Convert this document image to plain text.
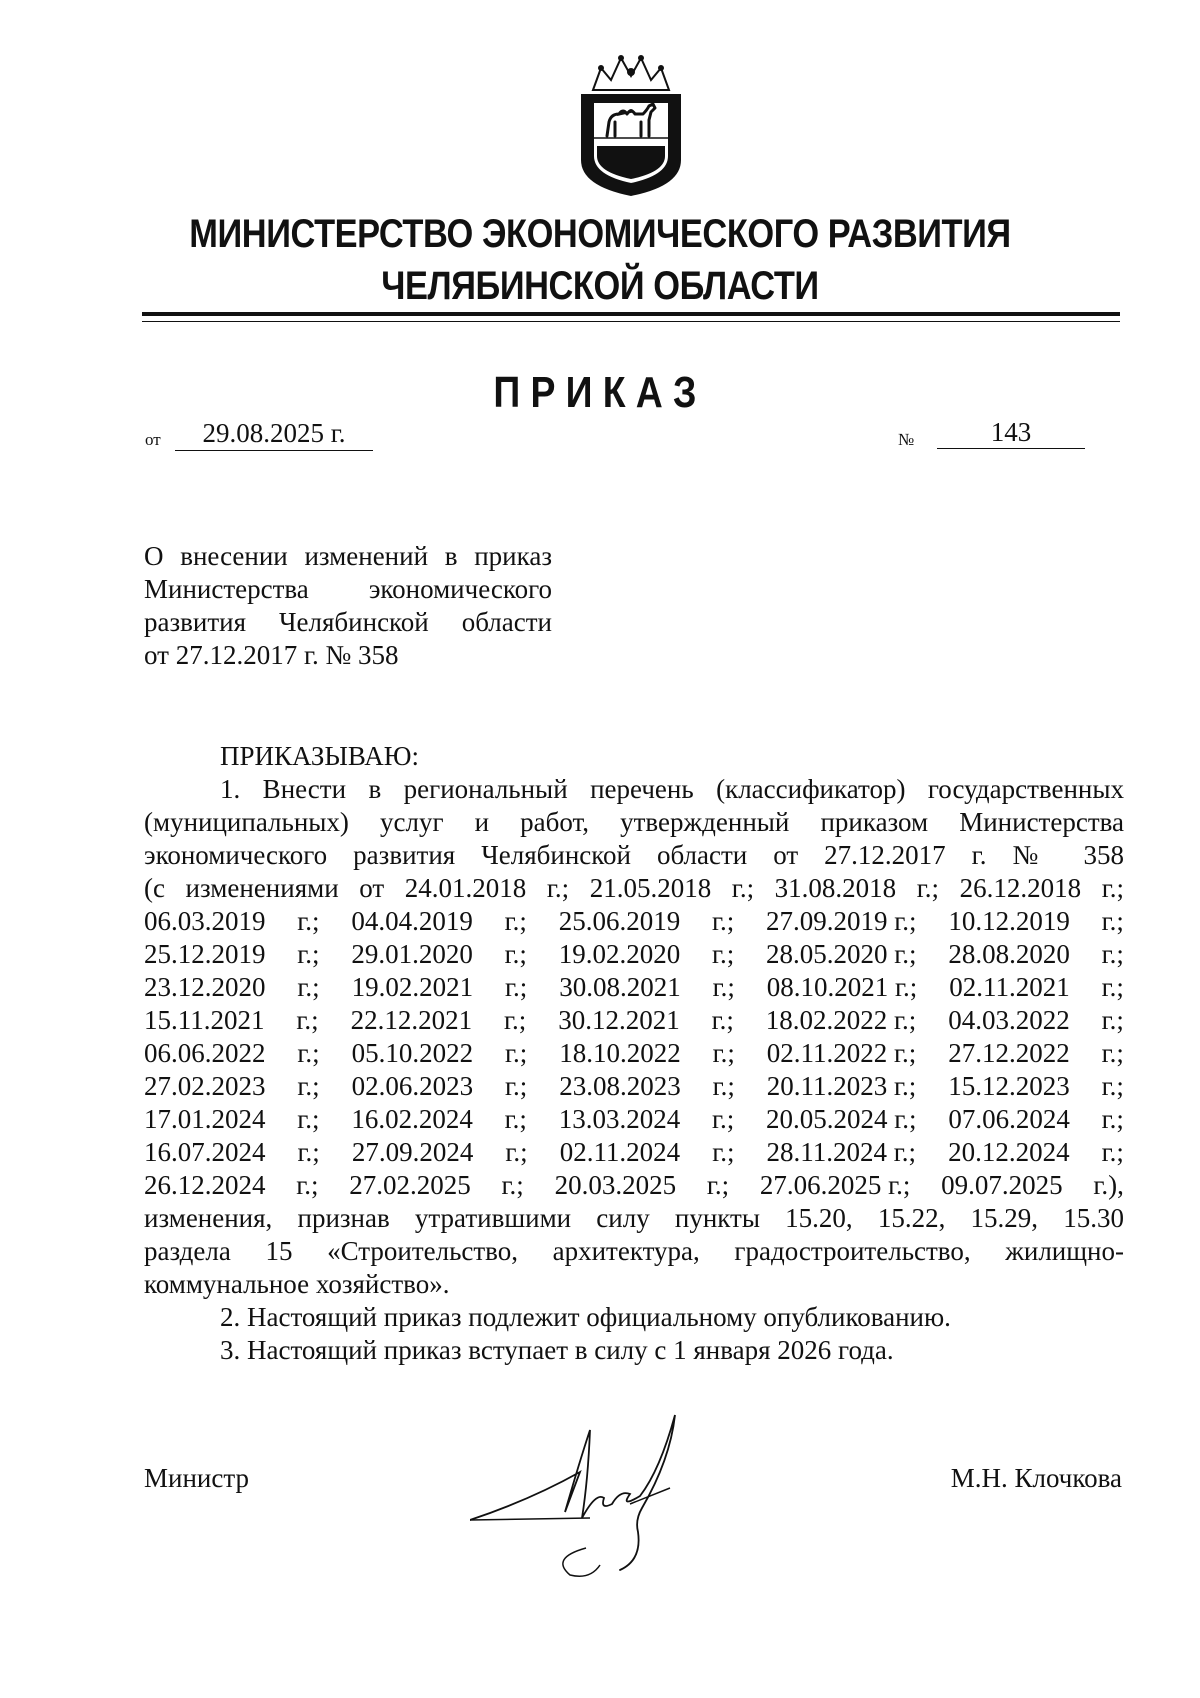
МИНИСТЕРСТВО ЭКОНОМИЧЕСКОГО РАЗВИТИЯ
ЧЕЛЯБИНСКОЙ ОБЛАСТИ
ПРИКАЗ
от	29.08.2025 г.	№	143
О внесении изменений в приказ
Министерства экономического
развития Челябинской области
от 27.12.2017 г. № 358

ПРИКАЗЫВАЮ:

1. Внести в региональный перечень (классификатор) государственных
(муниципальных) услуг и работ, утвержденный приказом Министерства
экономического развития Челябинской области от 27.12.2017 г. № 358
(с изменениями от 24.01.2018 г.; 21.05.2018 г.; 31.08.2018 г.; 26.12.2018 г.;
06.03.2019 г.; 04.04.2019 г.; 25.06.2019 г.; 27.09.2019 г.; 10.12.2019 г.;
25.12.2019 г.; 29.01.2020 г.; 19.02.2020 г.; 28.05.2020 г.; 28.08.2020 г.;
23.12.2020 г.; 19.02.2021 г.; 30.08.2021 г.; 08.10.2021 г.; 02.11.2021 г.;
15.11.2021 г.; 22.12.2021 г.; 30.12.2021 г.; 18.02.2022 г.; 04.03.2022 г.;
06.06.2022 г.; 05.10.2022 г.; 18.10.2022 г.; 02.11.2022 г.; 27.12.2022 г.;
27.02.2023 г.; 02.06.2023 г.; 23.08.2023 г.; 20.11.2023 г.; 15.12.2023 г.;
17.01.2024 г.; 16.02.2024 г.; 13.03.2024 г.; 20.05.2024 г.; 07.06.2024 г.;
16.07.2024 г.; 27.09.2024 г.; 02.11.2024 г.; 28.11.2024 г.; 20.12.2024 г.;
26.12.2024 г.; 27.02.2025 г.; 20.03.2025 г.; 27.06.2025 г.; 09.07.2025 г.),
изменения, признав утратившими силу пункты 15.20, 15.22, 15.29, 15.30
раздела 15 «Строительство, архитектура, градостроительство, жилищно-
коммунальное хозяйство».

2. Настоящий приказ подлежит официальному опубликованию.

3. Настоящий приказ вступает в силу с 1 января 2026 года.

Министр	М.Н. Клочкова
